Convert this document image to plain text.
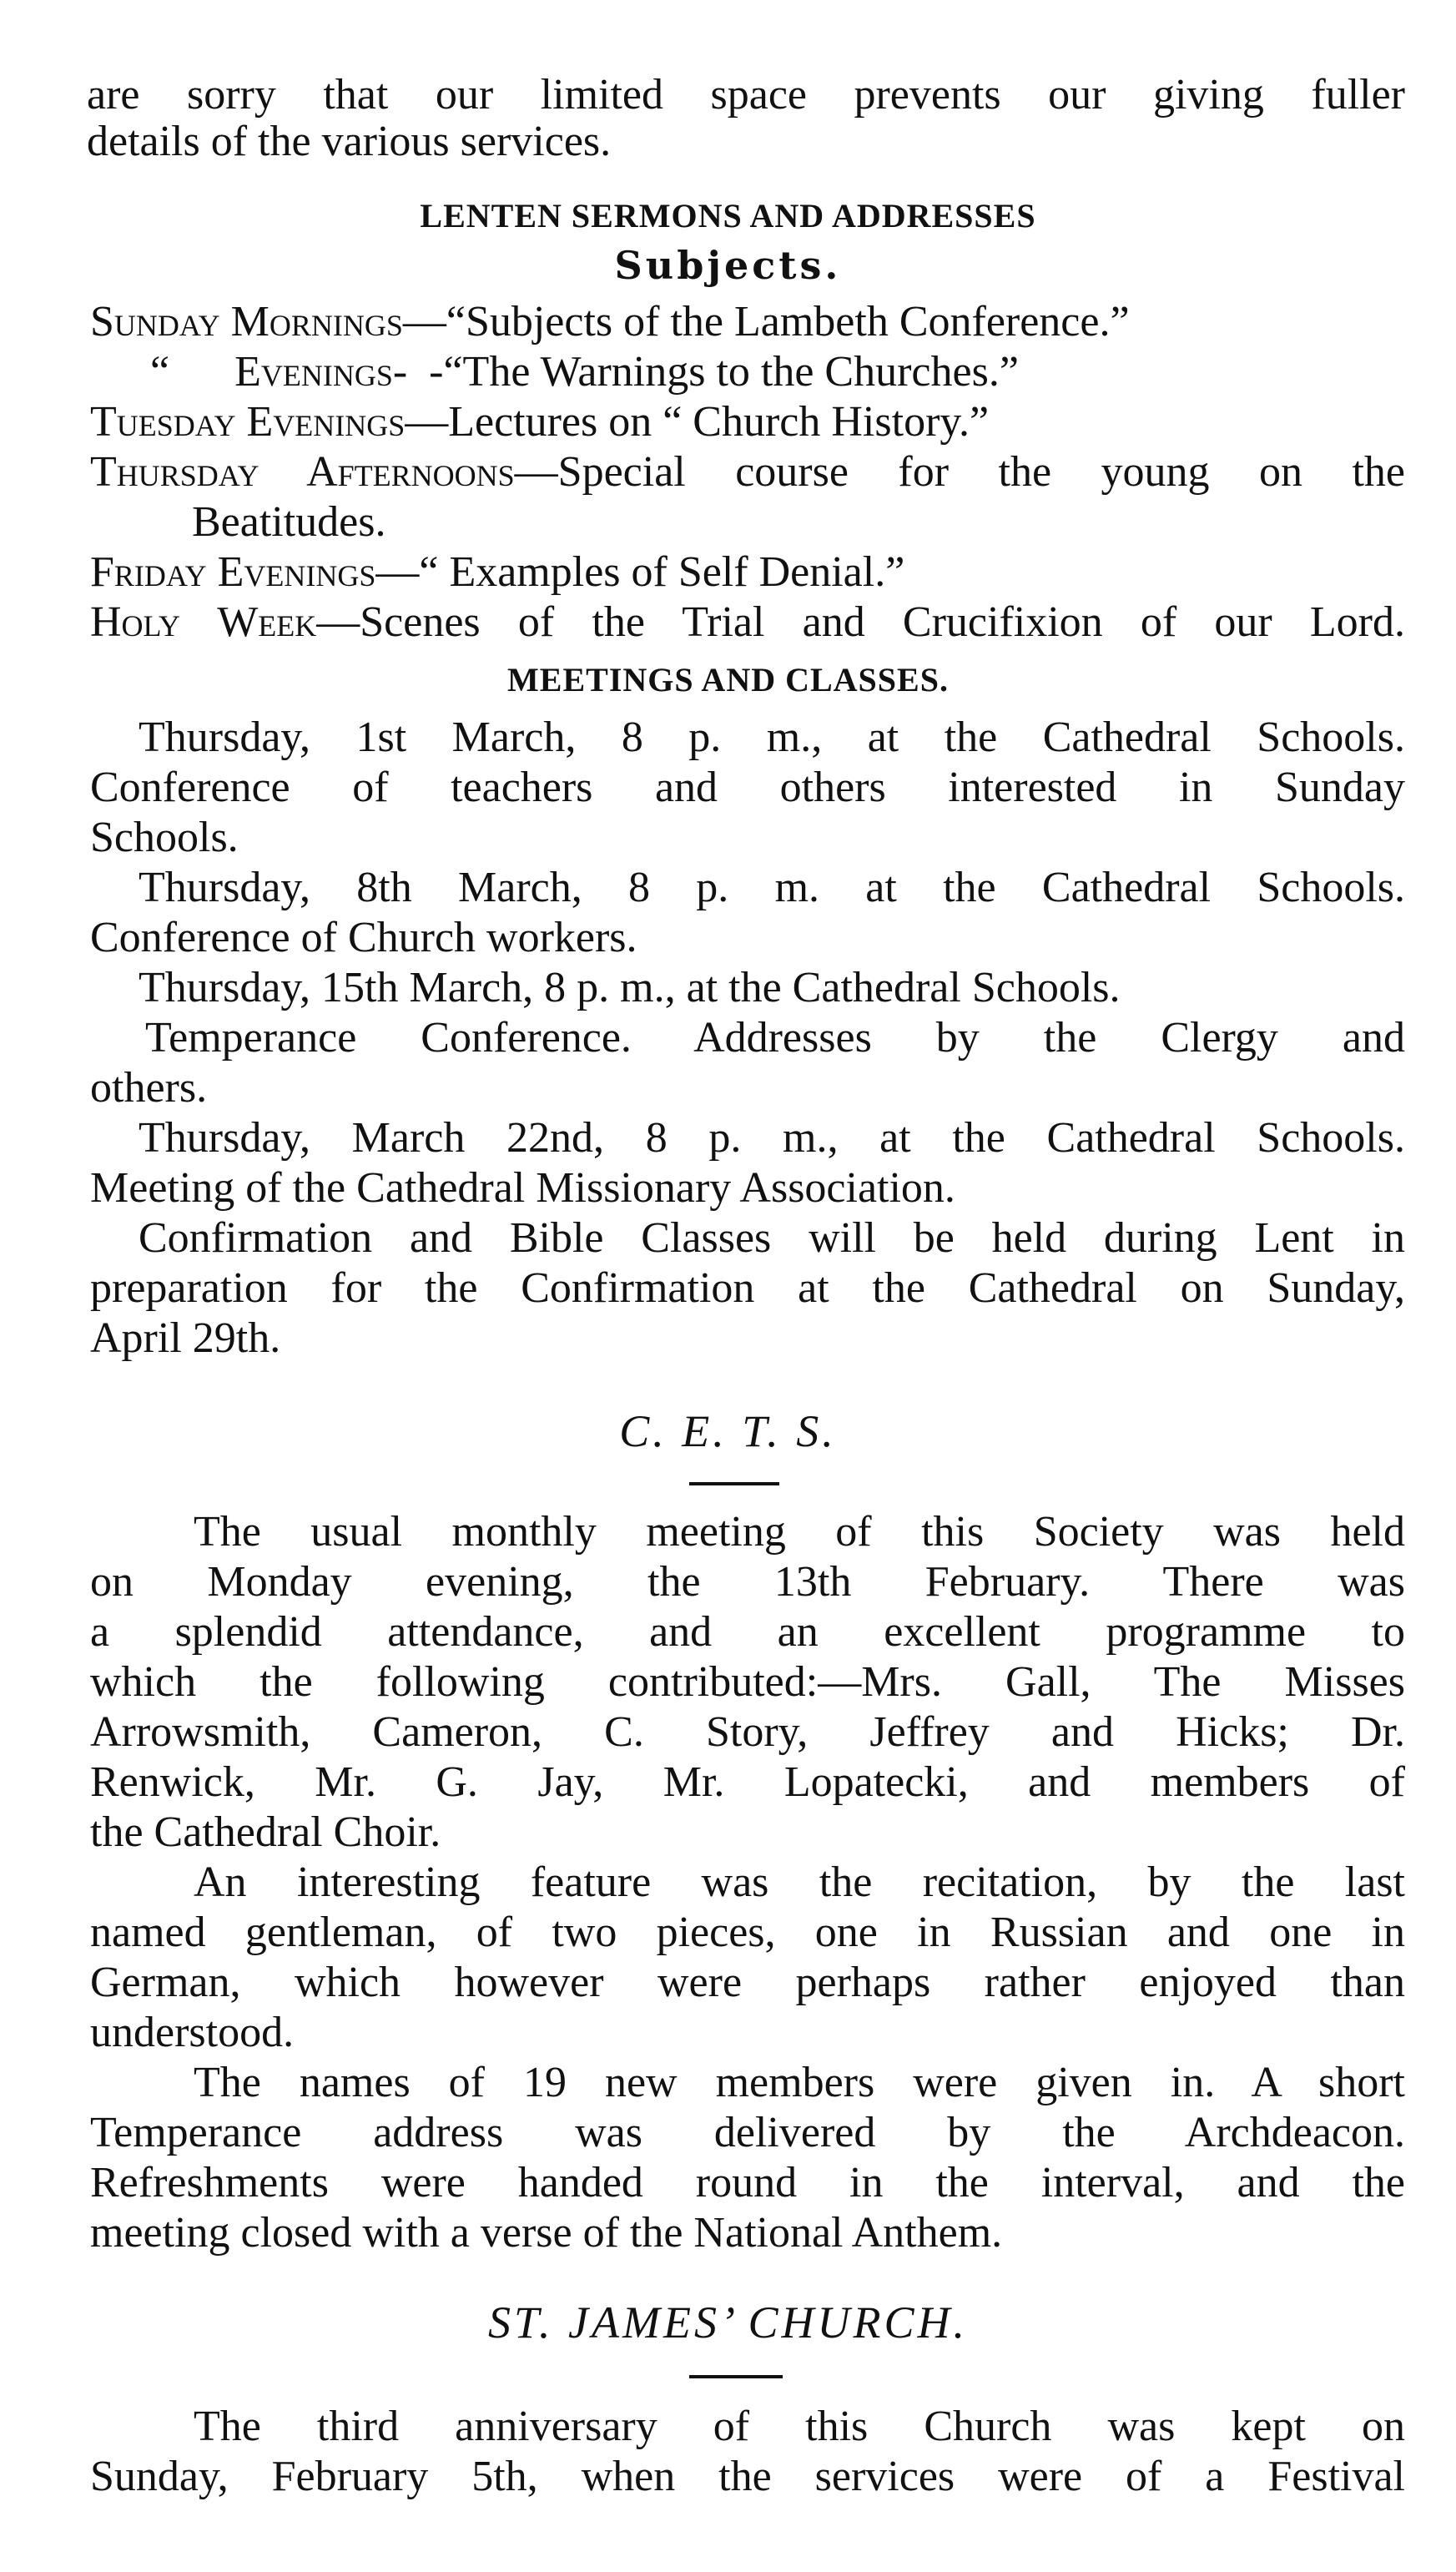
are sorry that our limited space prevents our giving fuller
details of the various services.
LENTEN SERMONS AND ADDRESSES
Subjects.
Sunday Mornings—“Subjects of the Lambeth Conference.”
“      Evenings-  -“The Warnings to the Churches.”
Tuesday Evenings—Lectures on “ Church History.”
Thursday Afternoons—Special course for the young on the
Beatitudes.
Friday Evenings—“ Examples of Self Denial.”
Holy Week—Scenes of the Trial and Crucifixion of our Lord.
MEETINGS AND CLASSES.
Thursday, 1st March, 8 p. m., at the Cathedral Schools.
Conference of teachers and others interested in Sunday
Schools.
Thursday, 8th March, 8 p. m. at the Cathedral Schools.
Conference of Church workers.
Thursday, 15th March, 8 p. m., at the Cathedral Schools.
Temperance Conference. Addresses by the Clergy and
others.
Thursday, March 22nd, 8 p. m., at the Cathedral Schools.
Meeting of the Cathedral Missionary Association.
Confirmation and Bible Classes will be held during Lent in
preparation for the Confirmation at the Cathedral on Sunday,
April 29th.
C. E. T. S.
The usual monthly meeting of this Society was held
on Monday evening, the 13th February. There was
a splendid attendance, and an excellent programme to
which the following contributed:—Mrs. Gall, The Misses
Arrowsmith, Cameron, C. Story, Jeffrey and Hicks; Dr.
Renwick, Mr. G. Jay, Mr. Lopatecki, and members of
the Cathedral Choir.
An interesting feature was the recitation, by the last
named gentleman, of two pieces, one in Russian and one in
German, which however were perhaps rather enjoyed than
understood.
The names of 19 new members were given in. A short
Temperance address was delivered by the Archdeacon.
Refreshments were handed round in the interval, and the
meeting closed with a verse of the National Anthem.
ST. JAMES’ CHURCH.
The third anniversary of this Church was kept on
Sunday, February 5th, when the services were of a Festival
